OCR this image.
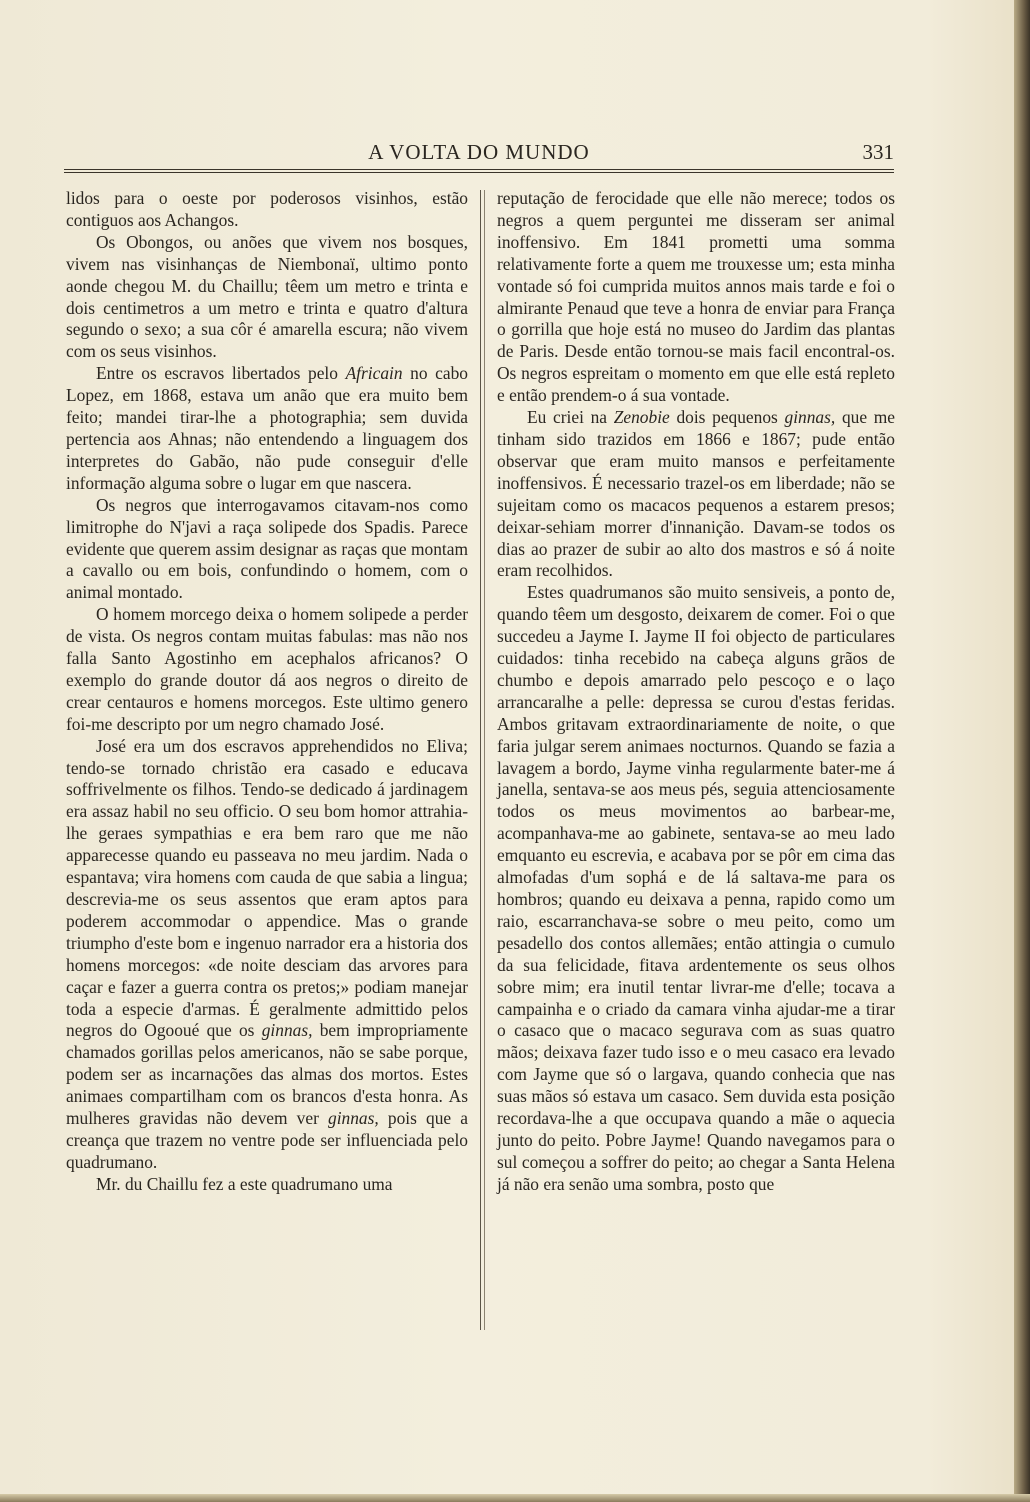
A VOLTA DO MUNDO	331

lidos para o oeste por poderosos visinhos, estão contiguos aos Achangos.

Os Obongos, ou anões que vivem nos bosques, vivem nas visinhanças de Niembonaï, ultimo ponto aonde chegou M. du Chaillu; têem um metro e trinta e dois centimetros a um metro e trinta e quatro d'altura segundo o sexo; a sua côr é amarella escura; não vivem com os seus visinhos.

Entre os escravos libertados pelo Africain no cabo Lopez, em 1868, estava um anão que era muito bem feito; mandei tirar-lhe a photographia; sem duvida pertencia aos Ahnas; não entendendo a linguagem dos interpretes do Gabão, não pude conseguir d'elle informação alguma sobre o lugar em que nascera.

Os negros que interrogavamos citavam-nos como limitrophe do N'javi a raça solipede dos Spadis. Parece evidente que querem assim designar as raças que montam a cavallo ou em bois, confundindo o homem, com o animal montado.

O homem morcego deixa o homem solipede a perder de vista. Os negros contam muitas fabulas: mas não nos falla Santo Agostinho em acephalos africanos? O exemplo do grande doutor dá aos negros o direito de crear centauros e homens morcegos. Este ultimo genero foi-me descripto por um negro chamado José.

José era um dos escravos apprehendidos no Eliva; tendo-se tornado christão era casado e educava soffrivelmente os filhos. Tendo-se dedicado á jardinagem era assaz habil no seu officio. O seu bom homor attrahia-lhe geraes sympathias e era bem raro que me não apparecesse quando eu passeava no meu jardim. Nada o espantava; vira homens com cauda de que sabia a lingua; descrevia-me os seus assentos que eram aptos para poderem accommodar o appendice. Mas o grande triumpho d'este bom e ingenuo narrador era a historia dos homens morcegos: «de noite desciam das arvores para caçar e fazer a guerra contra os pretos;» podiam manejar toda a especie d'armas. É geralmente admittido pelos negros do Ogooué que os ginnas, bem impropriamente chamados gorillas pelos americanos, não se sabe porque, podem ser as incarnações das almas dos mortos. Estes animaes compartilham com os brancos d'esta honra. As mulheres gravidas não devem ver ginnas, pois que a creança que trazem no ventre pode ser influenciada pelo quadrumano.

Mr. du Chaillu fez a este quadrumano uma

reputação de ferocidade que elle não merece; todos os negros a quem perguntei me disseram ser animal inoffensivo. Em 1841 prometti uma somma relativamente forte a quem me trouxesse um; esta minha vontade só foi cumprida muitos annos mais tarde e foi o almirante Penaud que teve a honra de enviar para França o gorrilla que hoje está no museo do Jardim das plantas de Paris. Desde então tornou-se mais facil encontral-os. Os negros espreitam o momento em que elle está repleto e então prendem-o á sua vontade.

Eu criei na Zenobie dois pequenos ginnas, que me tinham sido trazidos em 1866 e 1867; pude então observar que eram muito mansos e perfeitamente inoffensivos. É necessario trazel-os em liberdade; não se sujeitam como os macacos pequenos a estarem presos; deixar-sehiam morrer d'innanição. Davam-se todos os dias ao prazer de subir ao alto dos mastros e só á noite eram recolhidos.

Estes quadrumanos são muito sensiveis, a ponto de, quando têem um desgosto, deixarem de comer. Foi o que succedeu a Jayme I. Jayme II foi objecto de particulares cuidados: tinha recebido na cabeça alguns grãos de chumbo e depois amarrado pelo pescoço e o laço arrancaralhe a pelle: depressa se curou d'estas feridas. Ambos gritavam extraordinariamente de noite, o que faria julgar serem animaes nocturnos. Quando se fazia a lavagem a bordo, Jayme vinha regularmente bater-me á janella, sentava-se aos meus pés, seguia attenciosamente todos os meus movimentos ao barbear-me, acompanhava-me ao gabinete, sentava-se ao meu lado emquanto eu escrevia, e acabava por se pôr em cima das almofadas d'um sophá e de lá saltava-me para os hombros; quando eu deixava a penna, rapido como um raio, escarranchava-se sobre o meu peito, como um pesadello dos contos allemães; então attingia o cumulo da sua felicidade, fitava ardentemente os seus olhos sobre mim; era inutil tentar livrar-me d'elle; tocava a campainha e o criado da camara vinha ajudar-me a tirar o casaco que o macaco segurava com as suas quatro mãos; deixava fazer tudo isso e o meu casaco era levado com Jayme que só o largava, quando conhecia que nas suas mãos só estava um casaco. Sem duvida esta posição recordava-lhe a que occupava quando a mãe o aquecia junto do peito. Pobre Jayme! Quando navegamos para o sul começou a soffrer do peito; ao chegar a Santa Helena já não era senão uma sombra, posto que
